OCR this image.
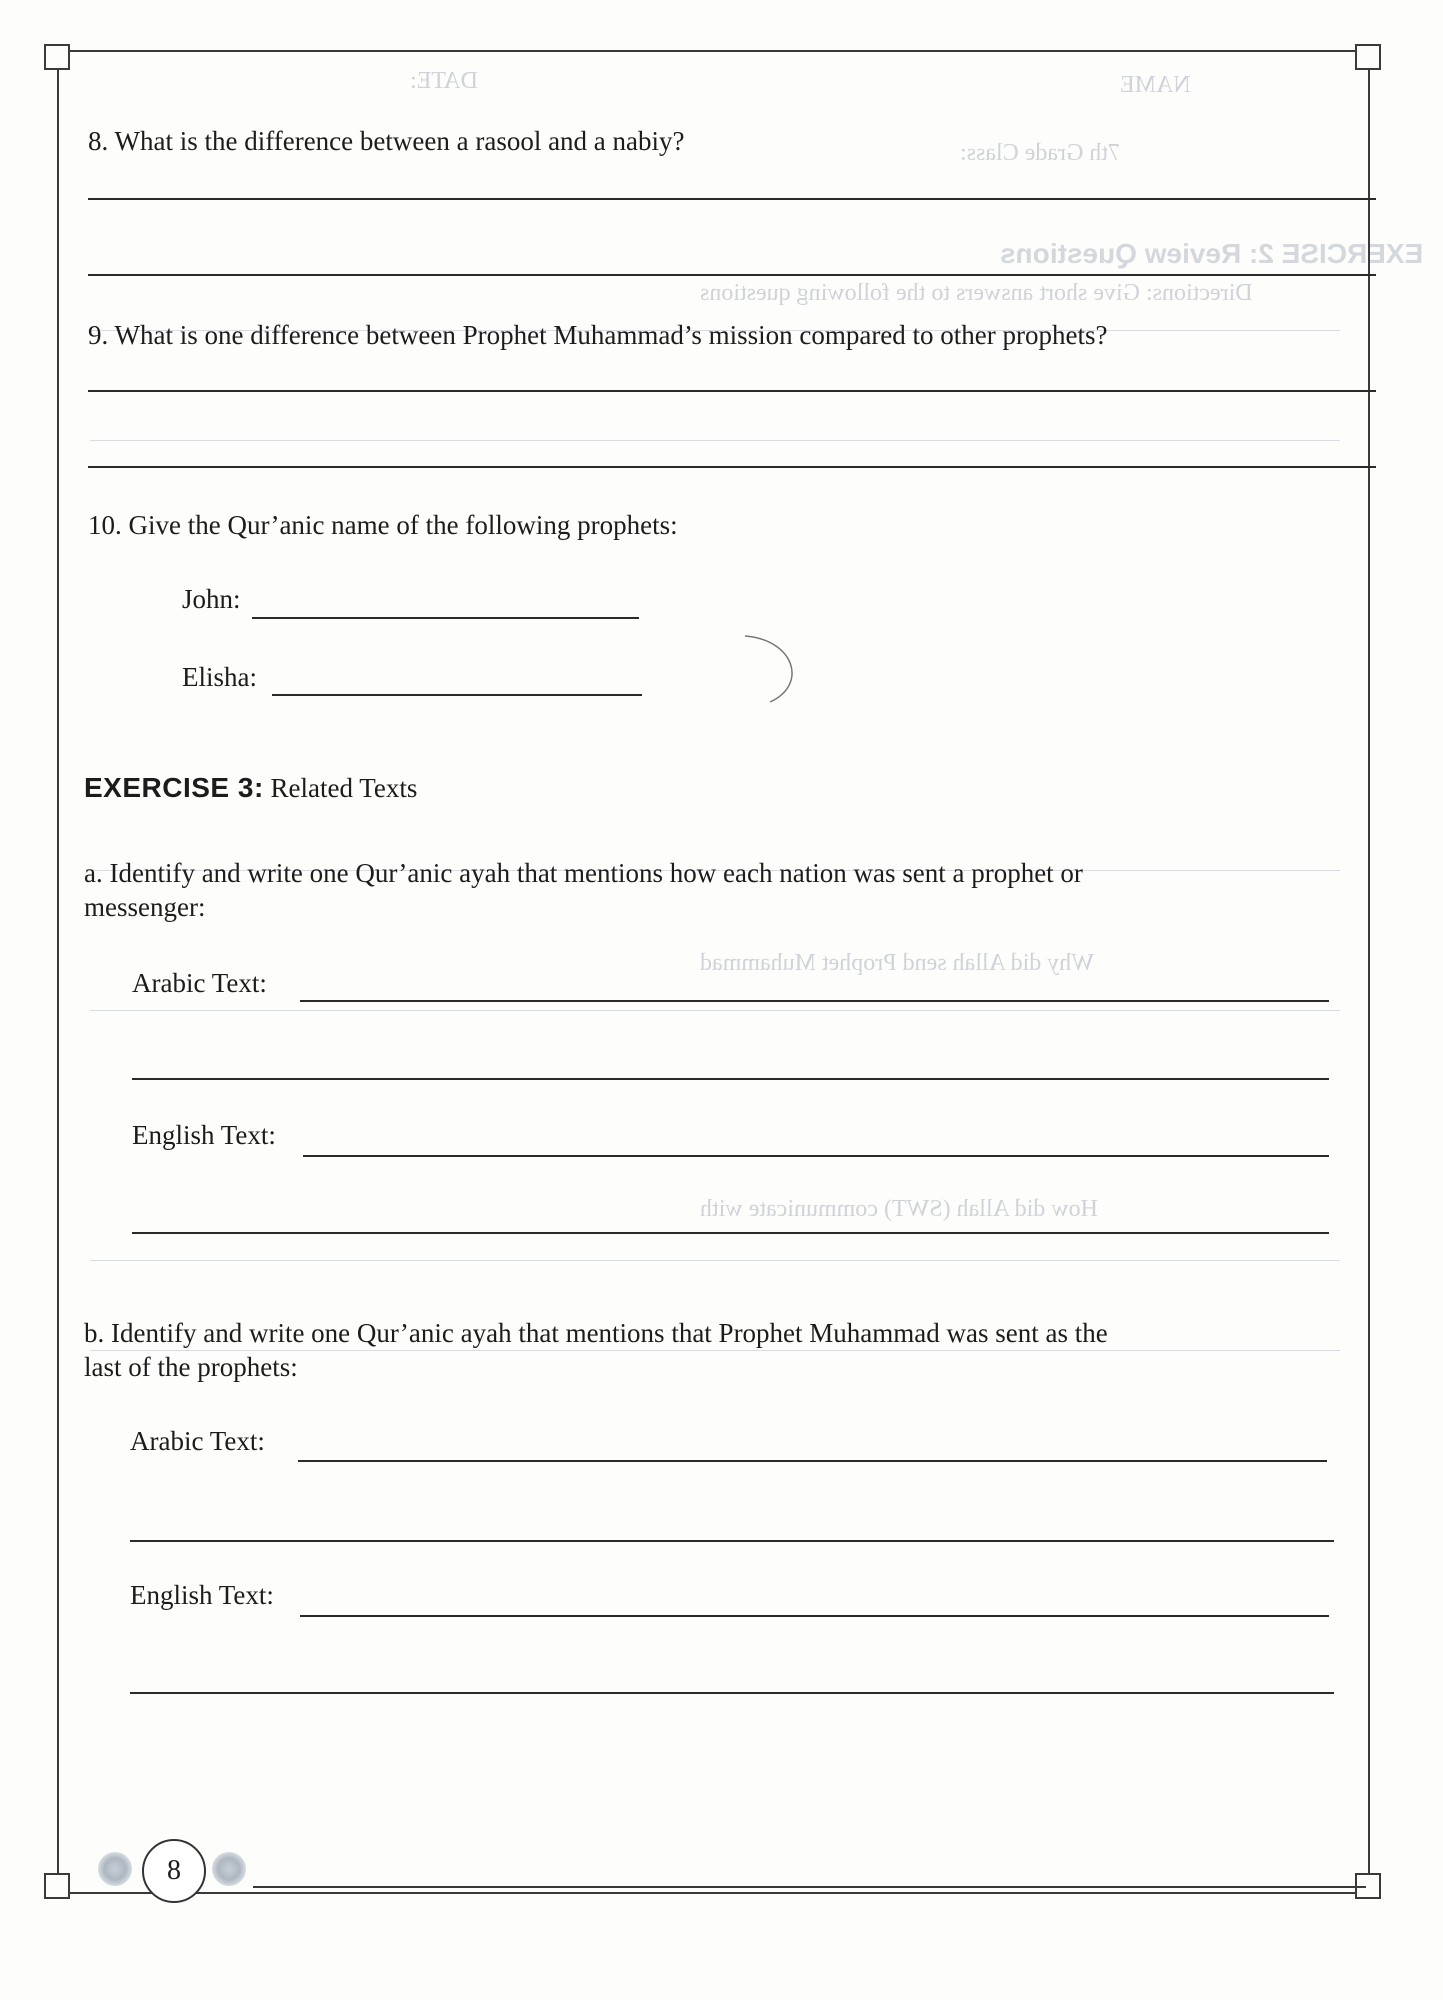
NAME
DATE:
7th Grade Class:
EXERCISE 2: Review Questions
Directions: Give short answers to the following questions
Why did Allah send Prophet Muhammad
How did Allah (SWT) communicate with
8. What is the difference between a rasool and a nabiy?
9. What is one difference between Prophet Muhammad’s mission compared to other prophets?
10. Give the Qur’anic name of the following prophets:
John:
Elisha:
EXERCISE 3: Related Texts
a. Identify and write one Qur’anic ayah that mentions how each nation was sent a prophet or
messenger:
Arabic Text:
English Text:
b. Identify and write one Qur’anic ayah that mentions that Prophet Muhammad was sent as the
last of the prophets:
Arabic Text:
English Text:
8
